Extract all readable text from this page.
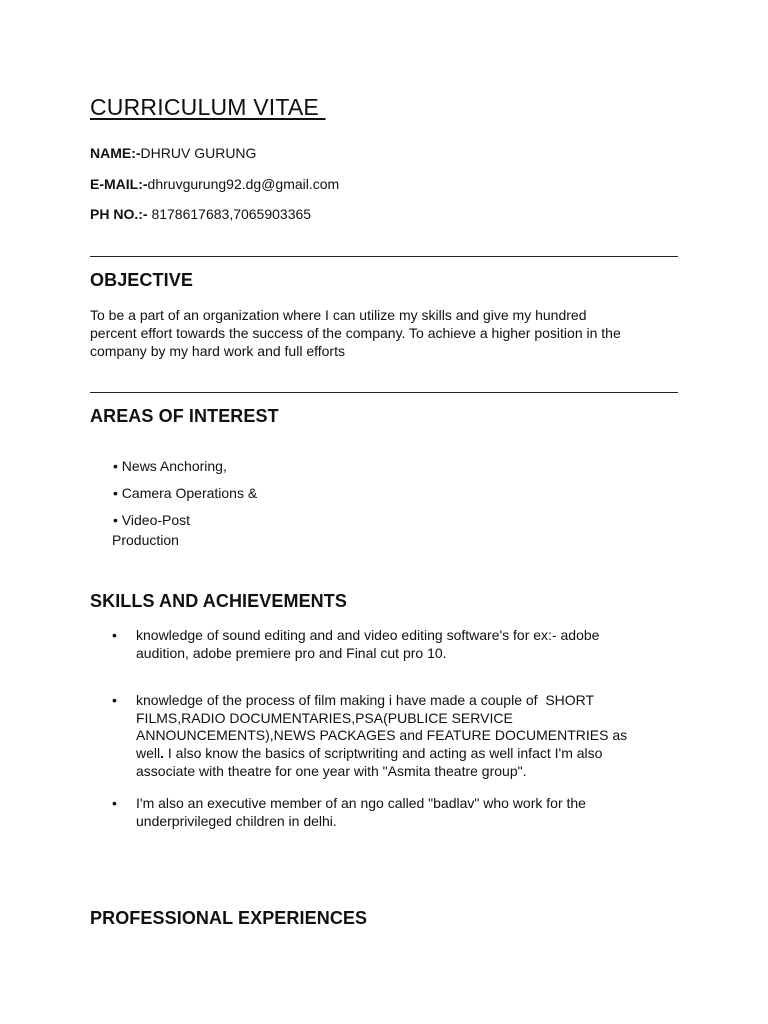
CURRICULUM VITAE
NAME:-DHRUV GURUNG
E-MAIL:-dhruvgurung92.dg@gmail.com
PH NO.:- 8178617683,7065903365
OBJECTIVE
To be a part of an organization where I can utilize my skills and give my hundred
percent effort towards the success of the company. To achieve a higher position in the
company by my hard work and full efforts
AREAS OF INTEREST
• News Anchoring,
• Camera Operations &
• Video-Post
Production
SKILLS AND ACHIEVEMENTS
• knowledge of sound editing and and video editing software's for ex:- adobe
audition, adobe premiere pro and Final cut pro 10.
• knowledge of the process of film making i have made a couple of  SHORT
FILMS,RADIO DOCUMENTARIES,PSA(PUBLICE SERVICE
ANNOUNCEMENTS),NEWS PACKAGES and FEATURE DOCUMENTRIES as
well. I also know the basics of scriptwriting and acting as well infact I'm also
associate with theatre for one year with "Asmita theatre group".
• I'm also an executive member of an ngo called "badlav" who work for the
underprivileged children in delhi.
PROFESSIONAL EXPERIENCES
